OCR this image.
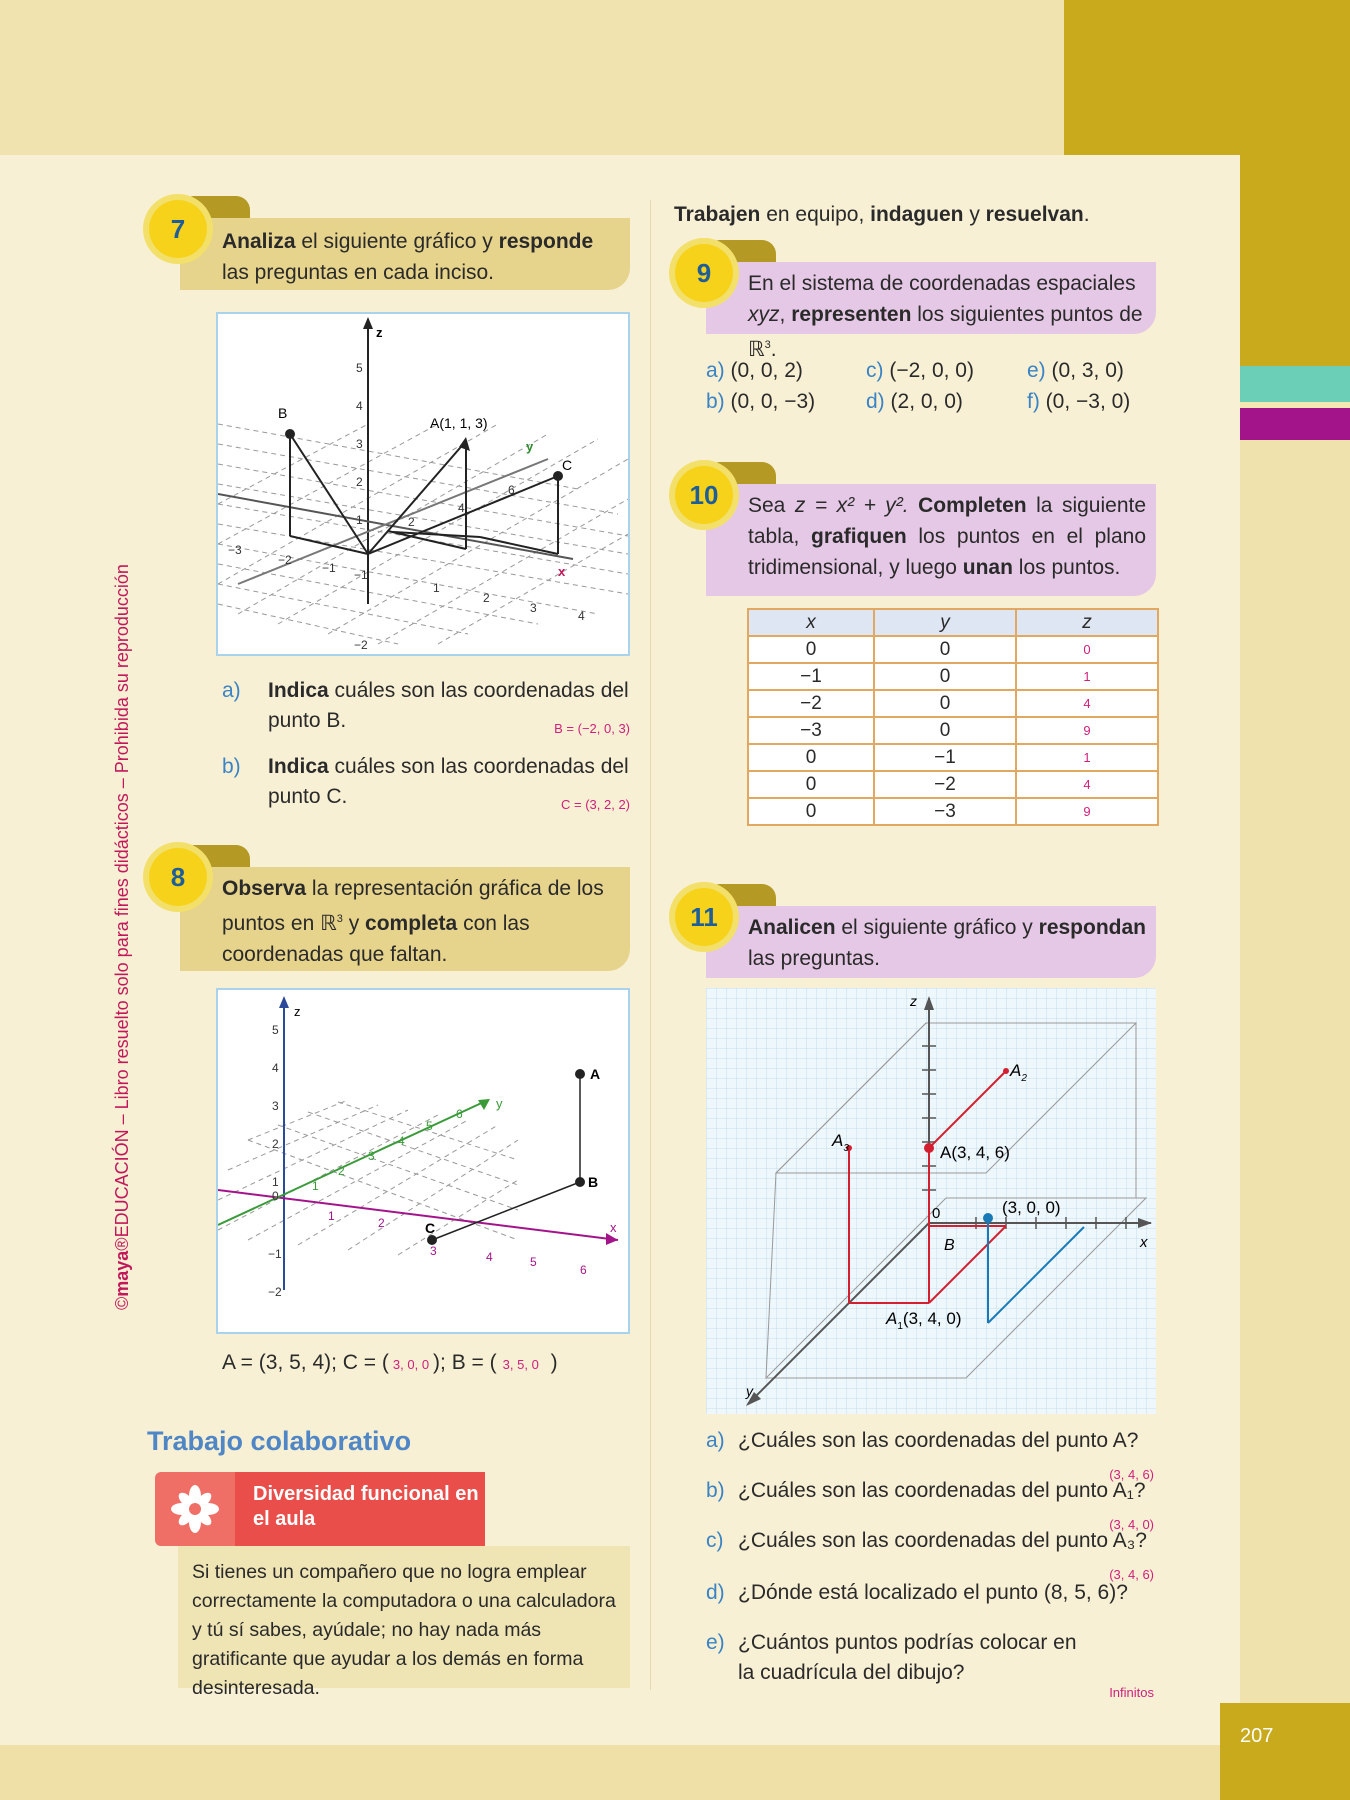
207
©maya®EDUCACIÓN – Libro resuelto solo para fines didácticos – Prohibida su reproducción
Analiza el siguiente gráfico y responde las preguntas en cada inciso.
7
z
x
y
B
A(1, 1, 3)
C
5
4
3
2
1
−1
−2
−3
−2
−1
1
2
3
4
2
4
6
a) Indica cuáles son las coordenadas del punto B.	B = (−2, 0, 3)
b) Indica cuáles son las coordenadas del punto C.	C = (3, 2, 2)
Observa la representación gráfica de los puntos en ℝ$^3$ y completa con las coordenadas que faltan.
8
z
x
y
A
B
C
5
4
3
2
1
0
−1
−2
1
2
3
4
5
6
1	2
3	4	5
6
A = (3, 5, 4); C = ( 3, 0, 0 ); B = ( 3, 5, 0 )
Trabajo colaborativo
Diversidad funcional en el aula
Si tienes un compañero que no logra emplear correctamente la computadora o una calculadora y tú sí sabes, ayúdale; no hay nada más gratificante que ayudar a los demás en forma desinteresada.
Trabajen en equipo, indaguen y resuelvan.
En el sistema de coordenadas espaciales xyz, representen los siguientes puntos de ℝ$^3$.
9
a) (0, 0, 2)	c) (−2, 0, 0)	e) (0, 3, 0)
b) (0, 0, −3)	d) (2, 0, 0)	f) (0, −3, 0)
Sea z = x² + y². Completen la siguiente tabla, grafiquen los puntos en el plano tridimensional, y luego unan los puntos.
10
x	y	z
0	0	0
−1	0	1
−2	0	4
−3	0	9
0	−1	1
0	−2	4
0	−3	9
Analicen el siguiente gráfico y respondan las preguntas.
11
z
x
y
A(3, 4, 6)
$A_2$
$A_3$
$A_1(3$, 4, 0)
(3, 0, 0)
0
B
a) ¿Cuáles son las coordenadas del punto A?
(3, 4, 6)
b) ¿Cuáles son las coordenadas del punto A₁?
(3, 4, 0)
c) ¿Cuáles son las coordenadas del punto A₃?
(3, 4, 6)
d) ¿Dónde está localizado el punto (8, 5, 6)?
e) ¿Cuántos puntos podrías colocar en la cuadrícula del dibujo?
Infinitos
